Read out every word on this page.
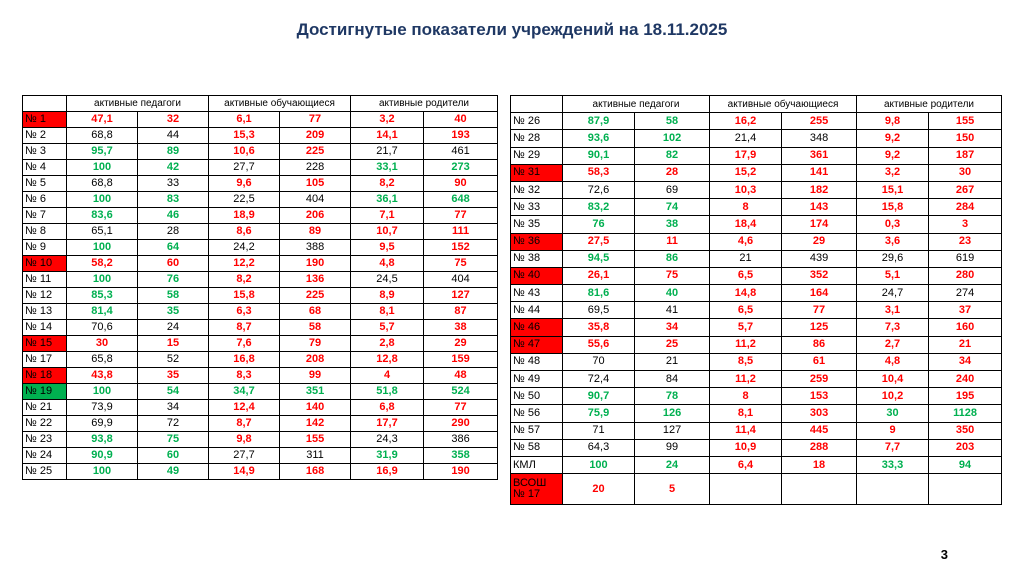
Достигнутые показатели учреждений на 18.11.2025
	активные педагоги		активные обучающиеся		активные родители	
№ 1	47,1	32	6,1	77	3,2	40
№ 2	68,8	44	15,3	209	14,1	193
№ 3	95,7	89	10,6	225	21,7	461
№ 4	100	42	27,7	228	33,1	273
№ 5	68,8	33	9,6	105	8,2	90
№ 6	100	83	22,5	404	36,1	648
№ 7	83,6	46	18,9	206	7,1	77
№ 8	65,1	28	8,6	89	10,7	111
№ 9	100	64	24,2	388	9,5	152
№ 10	58,2	60	12,2	190	4,8	75
№ 11	100	76	8,2	136	24,5	404
№ 12	85,3	58	15,8	225	8,9	127
№ 13	81,4	35	6,3	68	8,1	87
№ 14	70,6	24	8,7	58	5,7	38
№ 15	30	15	7,6	79	2,8	29
№ 17	65,8	52	16,8	208	12,8	159
№ 18	43,8	35	8,3	99	4	48
№ 19	100	54	34,7	351	51,8	524
№ 21	73,9	34	12,4	140	6,8	77
№ 22	69,9	72	8,7	142	17,7	290
№ 23	93,8	75	9,8	155	24,3	386
№ 24	90,9	60	27,7	311	31,9	358
№ 25	100	49	14,9	168	16,9	190
	активные педагоги		активные обучающиеся		активные родители	
№ 26	87,9	58	16,2	255	9,8	155
№ 28	93,6	102	21,4	348	9,2	150
№ 29	90,1	82	17,9	361	9,2	187
№ 31	58,3	28	15,2	141	3,2	30
№ 32	72,6	69	10,3	182	15,1	267
№ 33	83,2	74	8	143	15,8	284
№ 35	76	38	18,4	174	0,3	3
№ 36	27,5	11	4,6	29	3,6	23
№ 38	94,5	86	21	439	29,6	619
№ 40	26,1	75	6,5	352	5,1	280
№ 43	81,6	40	14,8	164	24,7	274
№ 44	69,5	41	6,5	77	3,1	37
№ 46	35,8	34	5,7	125	7,3	160
№ 47	55,6	25	11,2	86	2,7	21
№ 48	70	21	8,5	61	4,8	34
№ 49	72,4	84	11,2	259	10,4	240
№ 50	90,7	78	8	153	10,2	195
№ 56	75,9	126	8,1	303	30	1128
№ 57	71	127	11,4	445	9	350
№ 58	64,3	99	10,9	288	7,7	203
КМЛ	100	24	6,4	18	33,3	94
ВСОШ № 17	20	5				
3
